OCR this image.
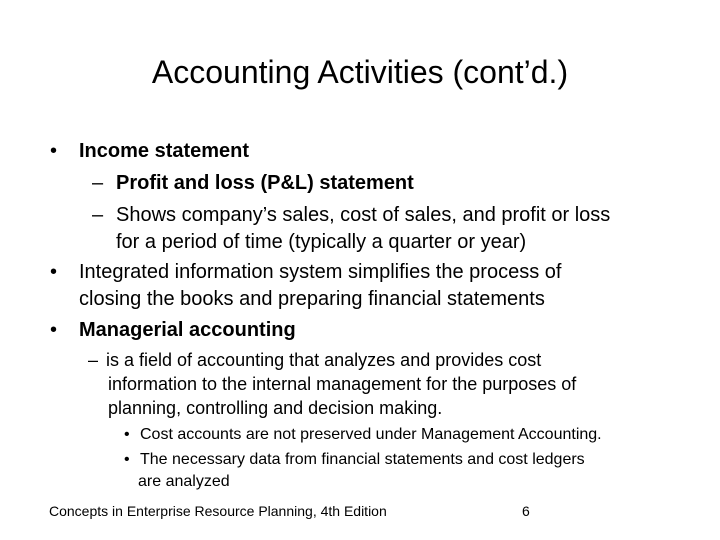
Accounting Activities (cont’d.)
• Income statement

– Profit and loss (P&L) statement

– Shows company’s sales, cost of sales, and profit or loss

for a period of time (typically a quarter or year)

• Integrated information system simplifies the process of

closing the books and preparing financial statements

• Managerial accounting

– is a field of accounting that analyzes and provides cost

information to the internal management for the purposes of

planning, controlling and decision making.

• Cost accounts are not preserved under Management Accounting.

• The necessary data from financial statements and cost ledgers

are analyzed

Concepts in Enterprise Resource Planning, 4th Edition	6
